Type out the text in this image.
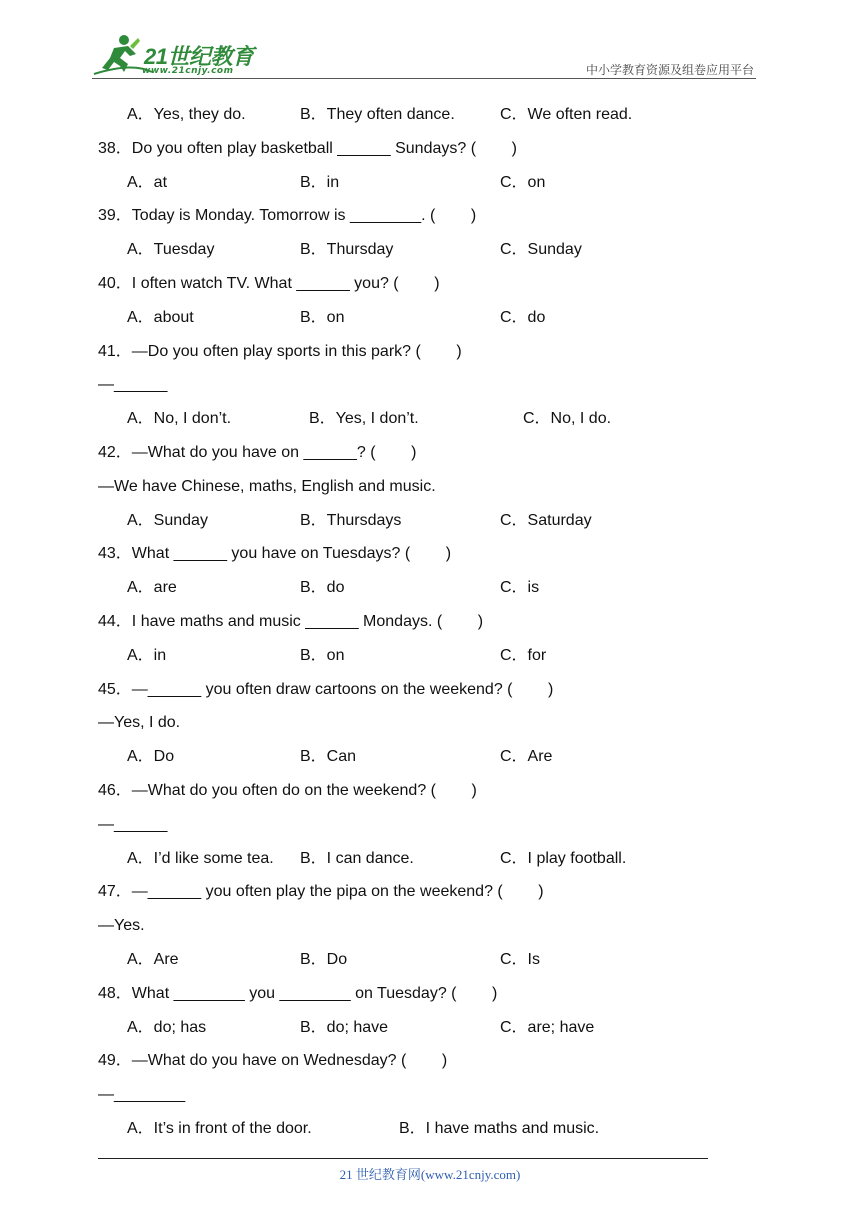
21世纪教育
www.21cnjy.com	中小学教育资源及组卷应用平台
A．Yes, they do.	B．They often dance.	C．We often read.
38．Do you often play basketball ______ Sundays? (        )
A．at	B．in	C．on
39．Today is Monday. Tomorrow is ________. (        )
A．Tuesday	B．Thursday	C．Sunday
40．I often watch TV. What ______ you? (        )
A．about	B．on	C．do
41．—Do you often play sports in this park? (        )
—______
A．No, I don’t.	B．Yes, I don’t.	C．No, I do.
42．—What do you have on ______? (        )
—We have Chinese, maths, English and music.
A．Sunday	B．Thursdays	C．Saturday
43．What ______ you have on Tuesdays? (        )
A．are	B．do	C．is
44．I have maths and music ______ Mondays. (        )
A．in	B．on	C．for
45．—______ you often draw cartoons on the weekend? (        )
—Yes, I do.
A．Do	B．Can	C．Are
46．—What do you often do on the weekend? (        )
—______
A．I’d like some tea. B．I can dance.	C．I play football.
47．—______ you often play the pipa on the weekend? (        )
—Yes.
A．Are	B．Do	C．Is
48．What ________ you ________ on Tuesday? (        )
A．do; has	B．do; have	C．are; have
49．—What do you have on Wednesday? (        )
—________
A．It’s in front of the door.	B．I have maths and music.
21 世纪教育网(www.21cnjy.com)
